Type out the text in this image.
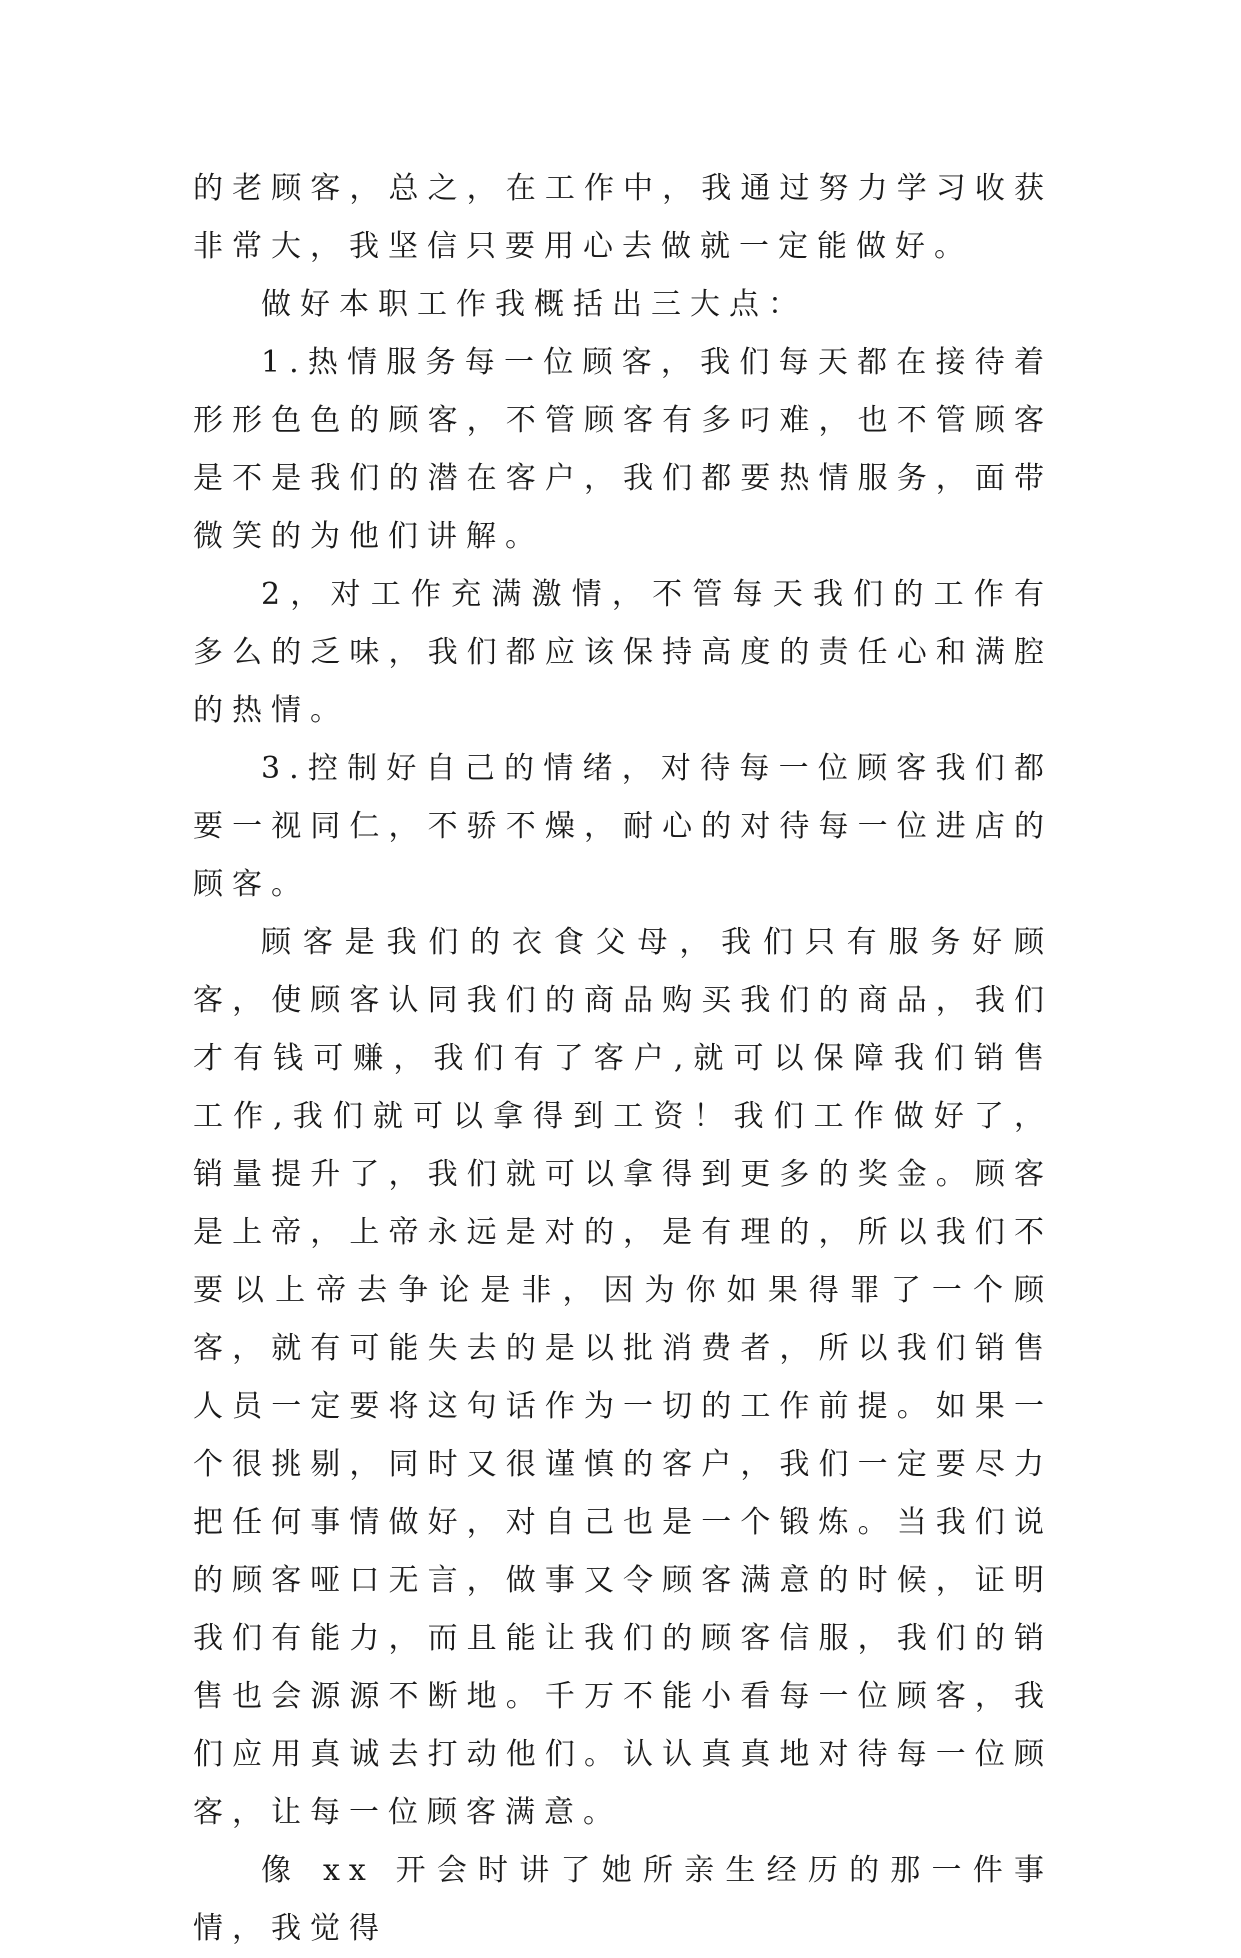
的老顾客，总之，在工作中，我通过努力学习收获非常大，我坚信只要用心去做就一定能做好。

做好本职工作我概括出三大点：

1.热情服务每一位顾客，我们每天都在接待着形形色色的顾客，不管顾客有多叼难，也不管顾客是不是我们的潜在客户，我们都要热情服务，面带微笑的为他们讲解。

2，对工作充满激情，不管每天我们的工作有多么的乏味，我们都应该保持高度的责任心和满腔的热情。

3.控制好自己的情绪，对待每一位顾客我们都要一视同仁，不骄不燥，耐心的对待每一位进店的顾客。

顾客是我们的衣食父母，我们只有服务好顾客，使顾客认同我们的商品购买我们的商品，我们才有钱可赚，我们有了客户,就可以保障我们销售工作,我们就可以拿得到工资！我们工作做好了，销量提升了，我们就可以拿得到更多的奖金。顾客是上帝，上帝永远是对的，是有理的，所以我们不要以上帝去争论是非，因为你如果得罪了一个顾客，就有可能失去的是以批消费者，所以我们销售人员一定要将这句话作为一切的工作前提。如果一个很挑剔，同时又很谨慎的客户，我们一定要尽力把任何事情做好，对自己也是一个锻炼。当我们说的顾客哑口无言，做事又令顾客满意的时候，证明我们有能力，而且能让我们的顾客信服，我们的销售也会源源不断地。千万不能小看每一位顾客，我们应用真诚去打动他们。认认真真地对待每一位顾客，让每一位顾客满意。

像 xx 开会时讲了她所亲生经历的那一件事情，我觉得
